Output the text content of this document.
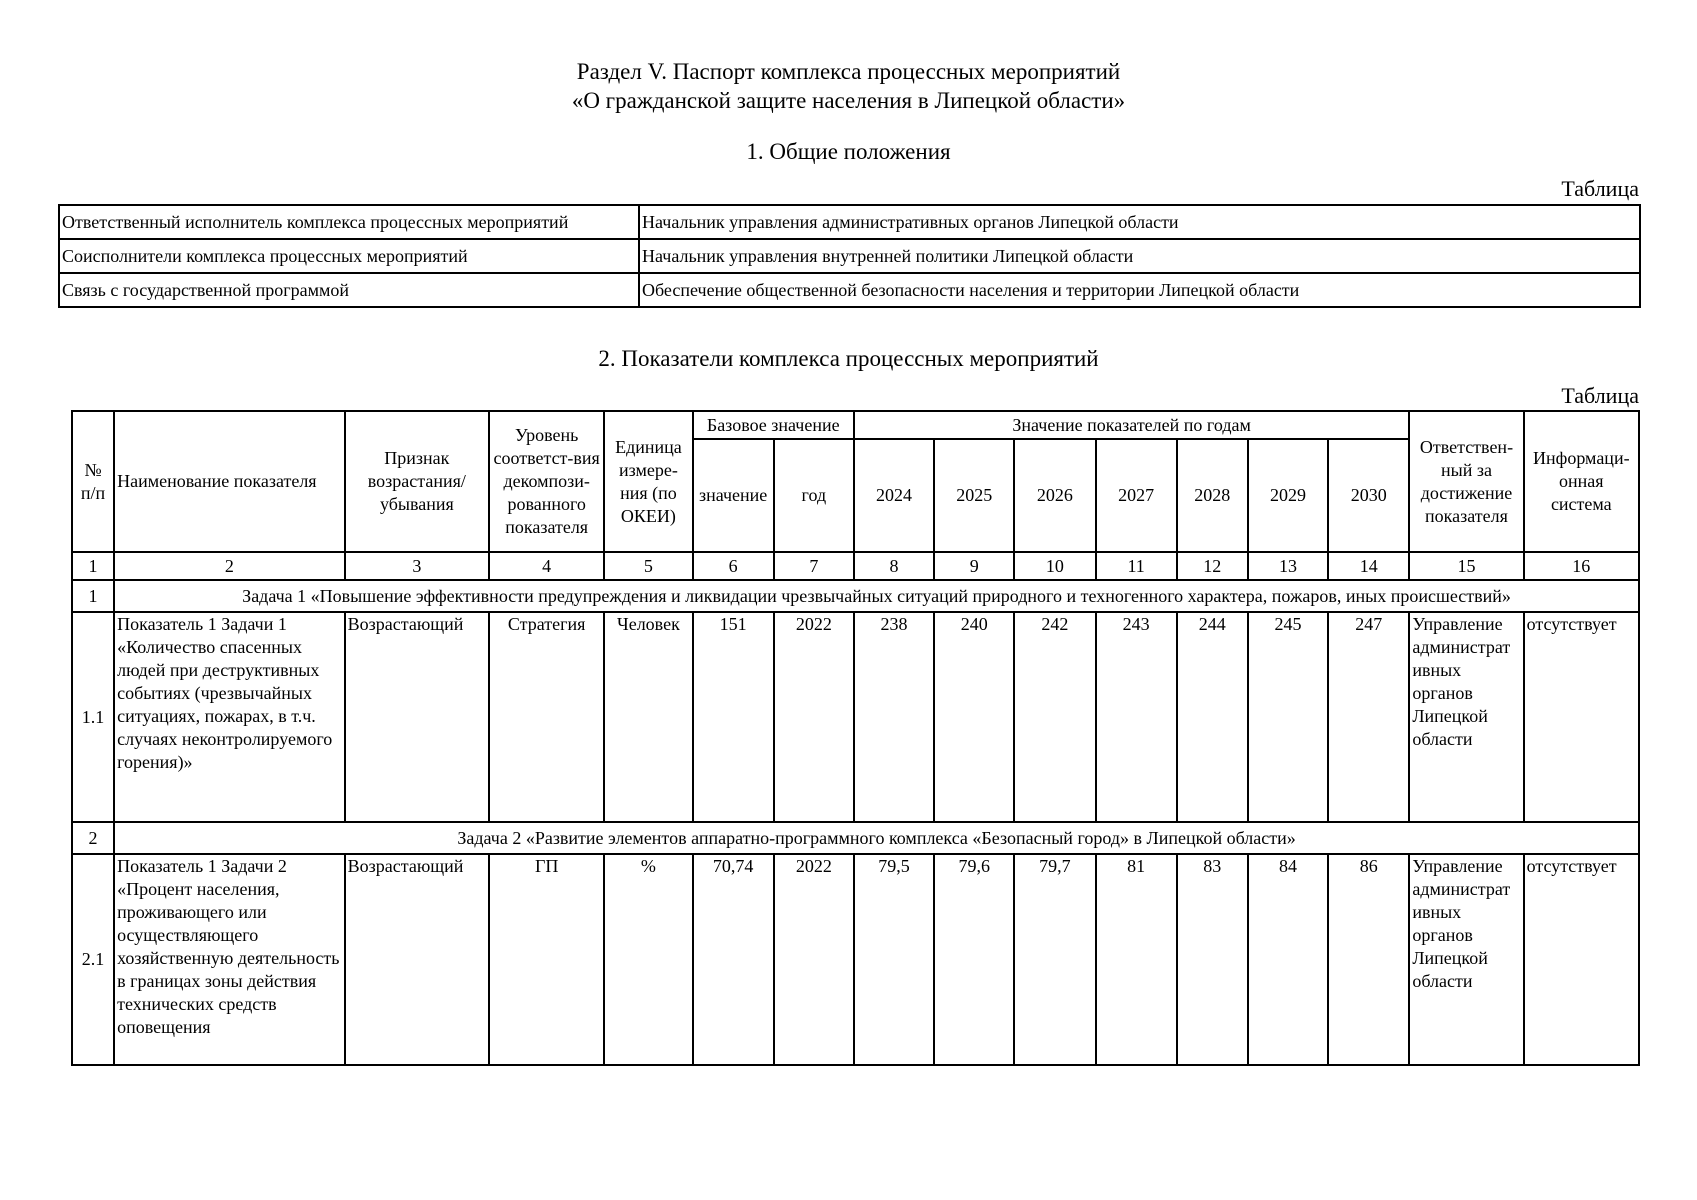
Раздел V. Паспорт комплекса процессных мероприятий
«О гражданской защите населения в Липецкой области»
1. Общие положения
Таблица
Ответственный исполнитель комплекса процессных мероприятий	Начальник управления административных органов Липецкой области
Соисполнители комплекса процессных мероприятий	Начальник управления внутренней политики Липецкой области
Связь с государственной программой	Обеспечение общественной безопасности населения и территории Липецкой области
2. Показатели комплекса процессных мероприятий
Таблица
№ п/п	Наименование показателя	Признак возрастания/ убывания	Уровень соответст-вия декомпози-рованного показателя	Единица измере-ния (по ОКЕИ)	Базовое значение		Значение показателей по годам							Ответствен-ный за достижение показателя	Информаци-онная система
					значение	год	2024	2025	2026	2027	2028	2029	2030		
1	2	3	4	5	6	7	8	9	10	11	12	13	14	15	16
1	Задача 1 «Повышение эффективности предупреждения и ликвидации чрезвычайных ситуаций природного и техногенного характера, пожаров, иных происшествий»														
1.1	Показатель 1 Задачи 1 «Количество спасенных людей при деструктивных событиях (чрезвычайных ситуациях, пожарах, в т.ч. случаях неконтролируемого горения)»	Возрастающий	Стратегия	Человек	151	2022	238	240	242	243	244	245	247	Управление администрат ивных органов Липецкой области	отсутствует
2	Задача 2 «Развитие элементов аппаратно-программного комплекса «Безопасный город» в Липецкой области»														
2.1	Показатель 1 Задачи 2 «Процент населения, проживающего или осуществляющего хозяйственную деятельность в границах зоны действия технических средств оповещения	Возрастающий	ГП	%	70,74	2022	79,5	79,6	79,7	81	83	84	86	Управление администрат ивных органов Липецкой области	отсутствует
